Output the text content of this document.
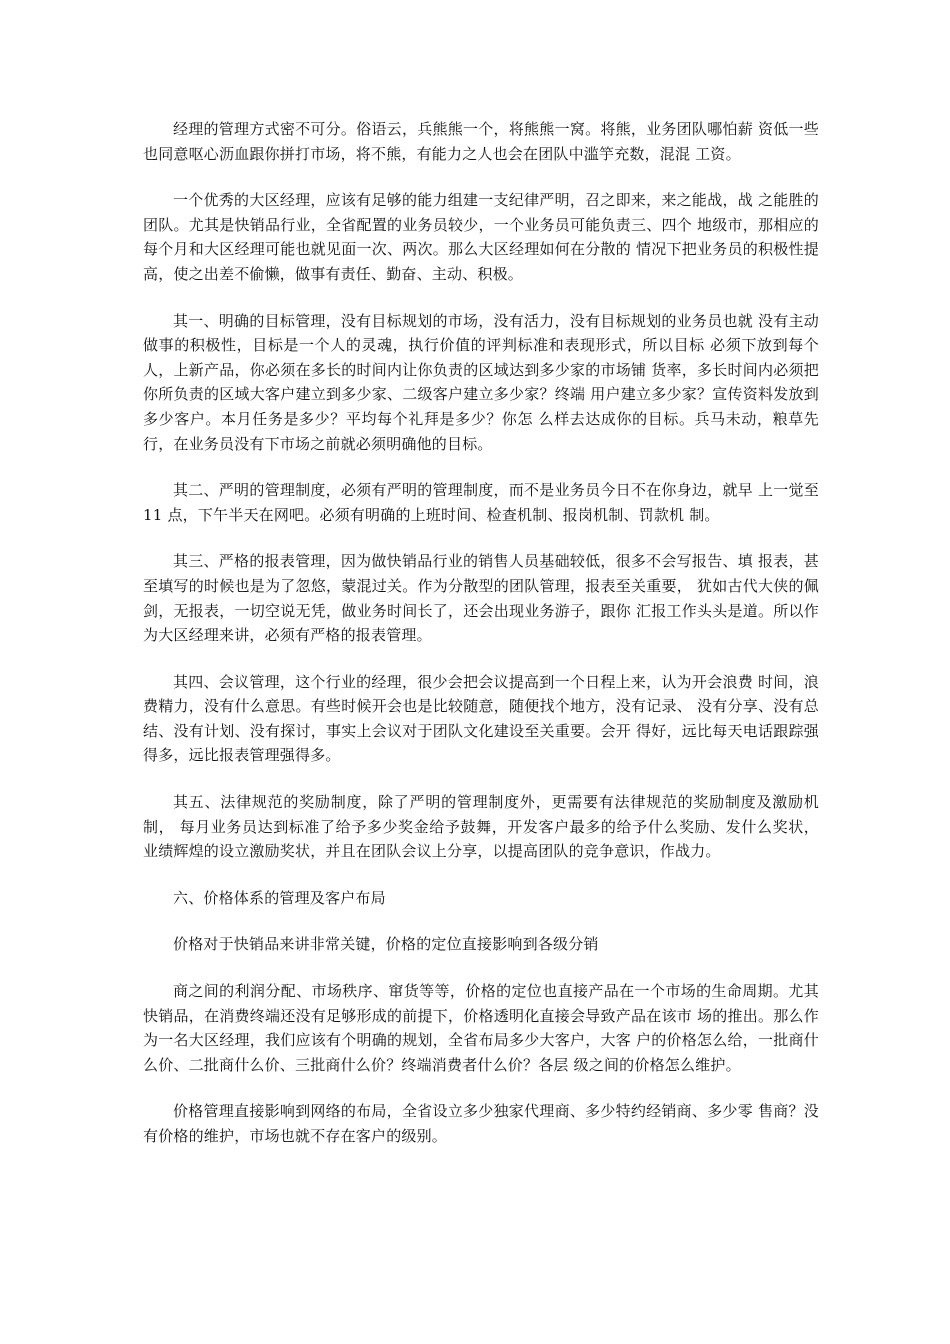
经理的管理方式密不可分。俗语云，兵熊熊一个，将熊熊一窝。将熊，业务团队哪怕薪 资低一些也同意呕心沥血跟你拼打市场，将不熊，有能力之人也会在团队中滥竽充数，混混 工资。

一个优秀的大区经理，应该有足够的能力组建一支纪律严明，召之即来，来之能战，战 之能胜的团队。尤其是快销品行业，全省配置的业务员较少，一个业务员可能负责三、四个 地级市，那相应的每个月和大区经理可能也就见面一次、两次。那么大区经理如何在分散的 情况下把业务员的积极性提高，使之出差不偷懒，做事有责任、勤奋、主动、积极。

其一、明确的目标管理，没有目标规划的市场，没有活力，没有目标规划的业务员也就 没有主动做事的积极性，目标是一个人的灵魂，执行价值的评判标准和表现形式，所以目标 必须下放到每个人，上新产品，你必须在多长的时间内让你负责的区域达到多少家的市场铺 货率，多长时间内必须把你所负责的区域大客户建立到多少家、二级客户建立多少家？终端 用户建立多少家？宣传资料发放到多少客户。本月任务是多少？平均每个礼拜是多少？你怎 么样去达成你的目标。兵马未动，粮草先行，在业务员没有下市场之前就必须明确他的目标。

其二、严明的管理制度，必须有严明的管理制度，而不是业务员今日不在你身边，就早 上一觉至 11 点，下午半天在网吧。必须有明确的上班时间、检查机制、报岗机制、罚款机 制。

其三、严格的报表管理，因为做快销品行业的销售人员基础较低，很多不会写报告、填 报表，甚至填写的时候也是为了忽悠，蒙混过关。作为分散型的团队管理，报表至关重要， 犹如古代大侠的佩剑，无报表，一切空说无凭，做业务时间长了，还会出现业务游子，跟你 汇报工作头头是道。所以作为大区经理来讲，必须有严格的报表管理。

其四、会议管理，这个行业的经理，很少会把会议提高到一个日程上来，认为开会浪费 时间，浪费精力，没有什么意思。有些时候开会也是比较随意，随便找个地方，没有记录、 没有分享、没有总结、没有计划、没有探讨，事实上会议对于团队文化建设至关重要。会开 得好，远比每天电话跟踪强得多，远比报表管理强得多。

其五、法律规范的奖励制度，除了严明的管理制度外，更需要有法律规范的奖励制度及激励机制， 每月业务员达到标准了给予多少奖金给予鼓舞，开发客户最多的给予什么奖励、发什么奖状， 业绩辉煌的设立激励奖状，并且在团队会议上分享，以提高团队的竞争意识，作战力。

六、价格体系的管理及客户布局

价格对于快销品来讲非常关键，价格的定位直接影响到各级分销

商之间的利润分配、市场秩序、窜货等等，价格的定位也直接产品在一个市场的生命周期。尤其快销品，在消费终端还没有足够形成的前提下，价格透明化直接会导致产品在该市 场的推出。那么作为一名大区经理，我们应该有个明确的规划，全省布局多少大客户，大客 户的价格怎么给，一批商什么价、二批商什么价、三批商什么价？终端消费者什么价？各层 级之间的价格怎么维护。

价格管理直接影响到网络的布局，全省设立多少独家代理商、多少特约经销商、多少零 售商？没有价格的维护，市场也就不存在客户的级别。
